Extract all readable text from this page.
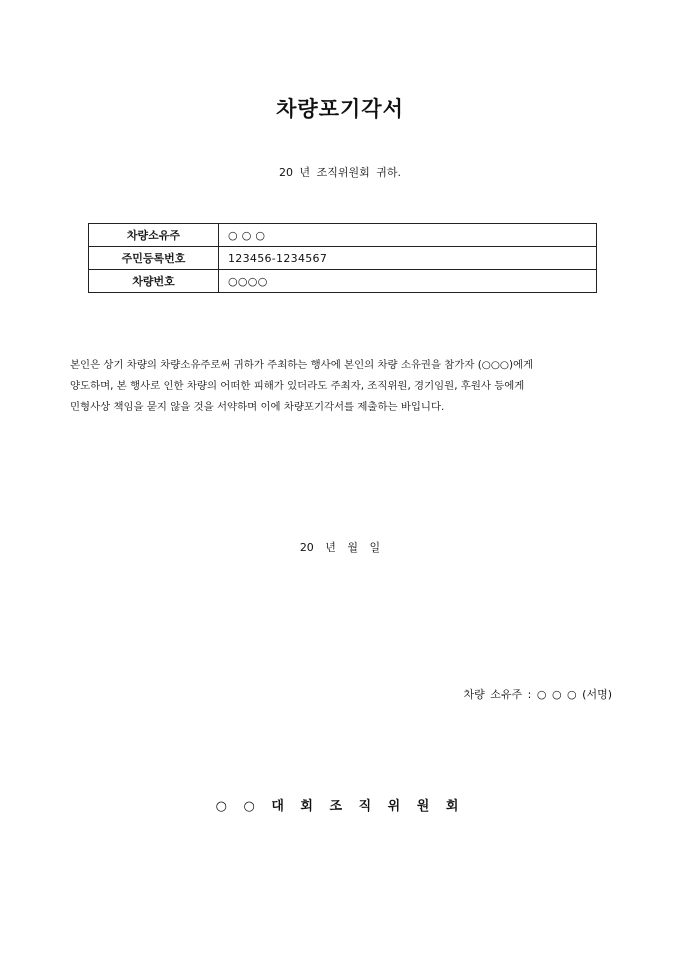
차량포기각서
20 년 조직위원회 귀하.
차량소유주	○ ○ ○
주민등록번호	123456-1234567
차량번호	○○○○
본인은 상기 차량의 차량소유주로써 귀하가 주최하는 행사에 본인의 차량 소유권을 참가자 (○○○)에게
양도하며, 본 행사로 인한 차량의 어떠한 피해가 있더라도 주최자, 조직위원, 경기임원, 후원사 등에게
민형사상 책임을 묻지 않을 것을 서약하며 이에 차량포기각서를 제출하는 바입니다.
20 년 월 일
차량 소유주 : ○ ○ ○ (서명)
○ ○ 대 회 조 직 위 원 회
